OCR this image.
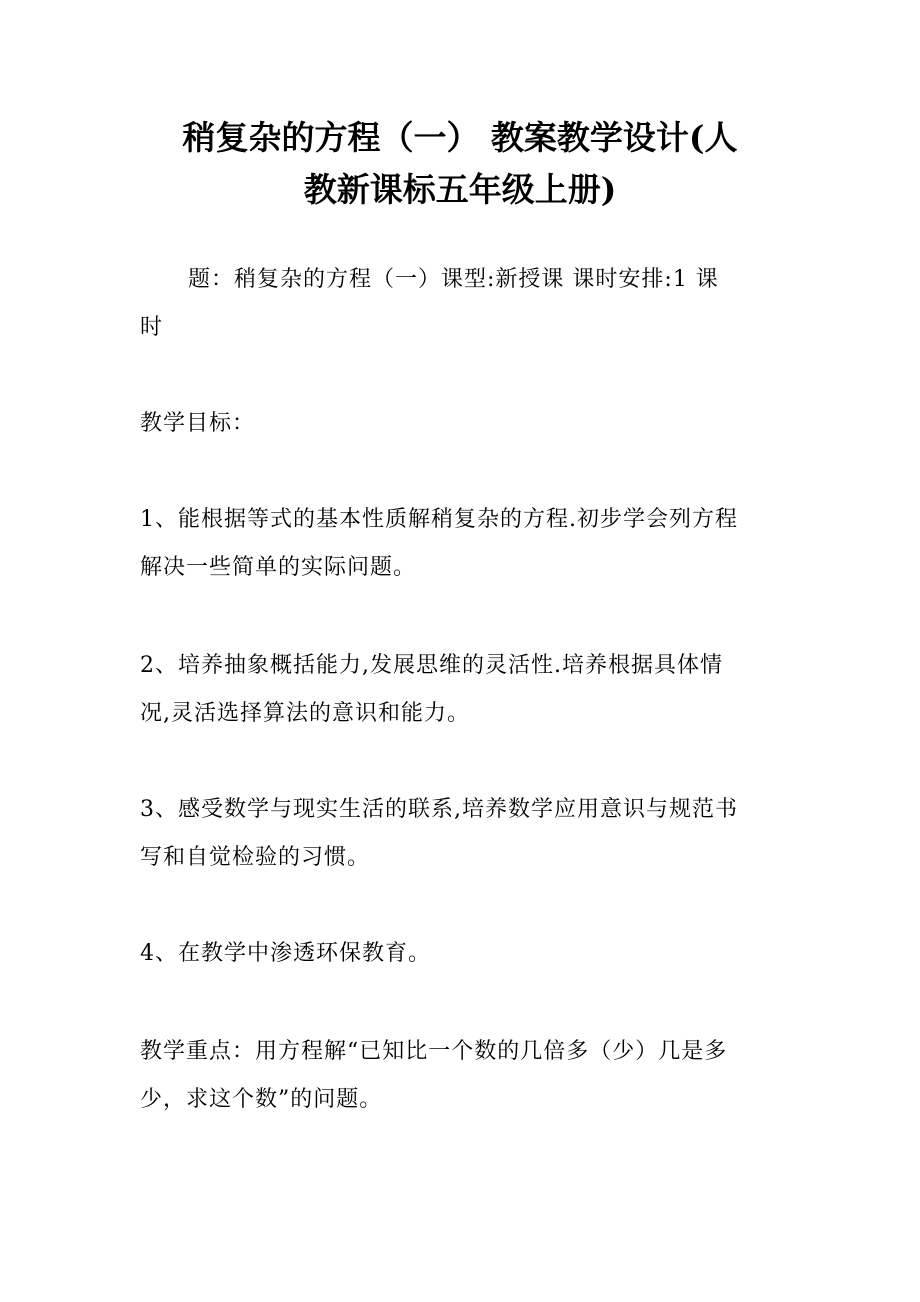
稍复杂的方程（一） 教案教学设计(人
教新课标五年级上册)
题：稍复杂的方程（一）课型:新授课 课时安排:1 课
时
教学目标：
1、能根据等式的基本性质解稍复杂的方程.初步学会列方程
解决一些简单的实际问题。
2、培养抽象概括能力,发展思维的灵活性.培养根据具体情
况,灵活选择算法的意识和能力。
3、感受数学与现实生活的联系,培养数学应用意识与规范书
写和自觉检验的习惯。
4、在教学中渗透环保教育。
教学重点：用方程解“已知比一个数的几倍多（少）几是多
少，求这个数”的问题。
